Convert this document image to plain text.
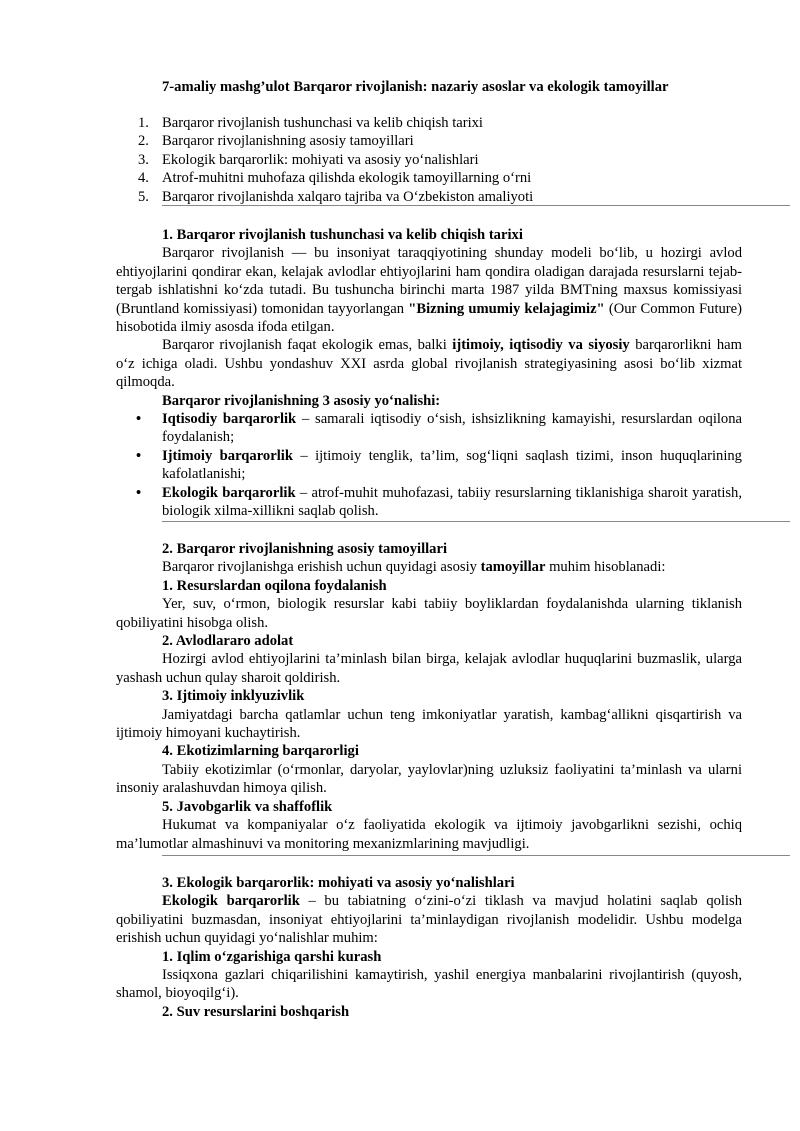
7-amaliy mashg’ulot Barqaror rivojlanish: nazariy asoslar va ekologik tamoyillar
1. Barqaror rivojlanish tushunchasi va kelib chiqish tarixi
2. Barqaror rivojlanishning asosiy tamoyillari
3. Ekologik barqarorlik: mohiyati va asosiy yo‘nalishlari
4. Atrof-muhitni muhofaza qilishda ekologik tamoyillarning o‘rni
5. Barqaror rivojlanishda xalqaro tajriba va O‘zbekiston amaliyoti
1. Barqaror rivojlanish tushunchasi va kelib chiqish tarixi

Barqaror rivojlanish — bu insoniyat taraqqiyotining shunday modeli bo‘lib, u hozirgi avlod ehtiyojlarini qondirar ekan, kelajak avlodlar ehtiyojlarini ham qondira oladigan darajada resurslarni tejab-tergab ishlatishni ko‘zda tutadi. Bu tushuncha birinchi marta 1987 yilda BMTning maxsus komissiyasi (Bruntland komissiyasi) tomonidan tayyorlangan "Bizning umumiy kelajagimiz" (Our Common Future) hisobotida ilmiy asosda ifoda etilgan.

Barqaror rivojlanish faqat ekologik emas, balki ijtimoiy, iqtisodiy va siyosiy barqarorlikni ham o‘z ichiga oladi. Ushbu yondashuv XXI asrda global rivojlanish strategiyasining asosi bo‘lib xizmat qilmoqda.

Barqaror rivojlanishning 3 asosiy yo‘nalishi:
• Iqtisodiy barqarorlik – samarali iqtisodiy o‘sish, ishsizlikning kamayishi, resurslardan oqilona foydalanish;
• Ijtimoiy barqarorlik – ijtimoiy tenglik, ta’lim, sog‘liqni saqlash tizimi, inson huquqlarining kafolatlanishi;
• Ekologik barqarorlik – atrof-muhit muhofazasi, tabiiy resurslarning tiklanishiga sharoit yaratish, biologik xilma-xillikni saqlab qolish.
2. Barqaror rivojlanishning asosiy tamoyillari
Barqaror rivojlanishga erishish uchun quyidagi asosiy tamoyillar muhim hisoblanadi:
1. Resurslardan oqilona foydalanish

Yer, suv, o‘rmon, biologik resurslar kabi tabiiy boyliklardan foydalanishda ularning tiklanish qobiliyatini hisobga olish.

2. Avlodlararo adolat

Hozirgi avlod ehtiyojlarini ta’minlash bilan birga, kelajak avlodlar huquqlarini buzmaslik, ularga yashash uchun qulay sharoit qoldirish.

3. Ijtimoiy inklyuzivlik

Jamiyatdagi barcha qatlamlar uchun teng imkoniyatlar yaratish, kambag‘allikni qisqartirish va ijtimoiy himoyani kuchaytirish.

4. Ekotizimlarning barqarorligi

Tabiiy ekotizimlar (o‘rmonlar, daryolar, yaylovlar)ning uzluksiz faoliyatini ta’minlash va ularni insoniy aralashuvdan himoya qilish.

5. Javobgarlik va shaffoflik

Hukumat va kompaniyalar o‘z faoliyatida ekologik va ijtimoiy javobgarlikni sezishi, ochiq ma’lumotlar almashinuvi va monitoring mexanizmlarining mavjudligi.

3. Ekologik barqarorlik: mohiyati va asosiy yo‘nalishlari

Ekologik barqarorlik – bu tabiatning o‘zini-o‘zi tiklash va mavjud holatini saqlab qolish qobiliyatini buzmasdan, insoniyat ehtiyojlarini ta’minlaydigan rivojlanish modelidir. Ushbu modelga erishish uchun quyidagi yo‘nalishlar muhim:

1. Iqlim o‘zgarishiga qarshi kurash

Issiqxona gazlari chiqarilishini kamaytirish, yashil energiya manbalarini rivojlantirish (quyosh, shamol, bioyoqilg‘i).

2. Suv resurslarini boshqarish
